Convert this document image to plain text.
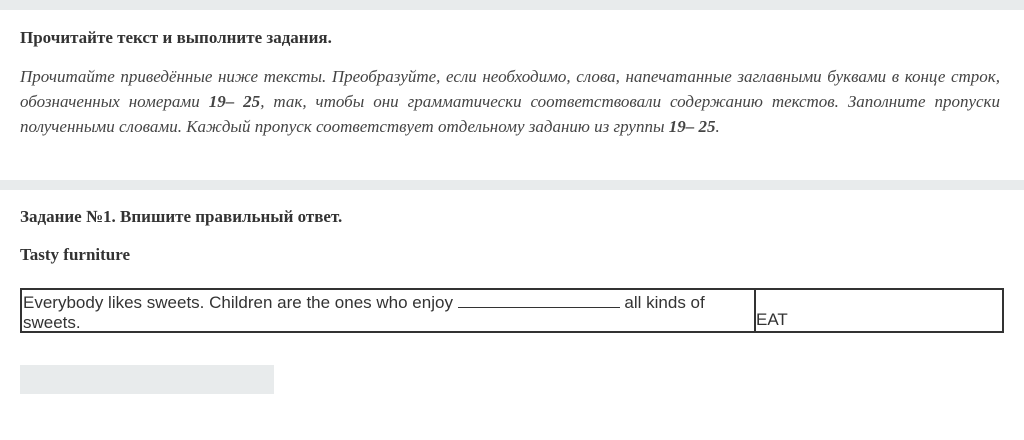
Прочитайте текст и выполните задания.
Прочитайте приведённые ниже тексты. Преобразуйте, если необходимо, слова, напечатанные заглавными буквами в конце строк, обозначенных номерами 19– 25, так, чтобы они грамматически соответствовали содержанию текстов. Заполните пропуски полученными словами. Каждый пропуск соответствует отдельному заданию из группы 19– 25.
Задание №1. Впишите правильный ответ.
Tasty furniture
Everybody likes sweets. Children are the ones who enjoy	all kinds of sweets.	EAT
